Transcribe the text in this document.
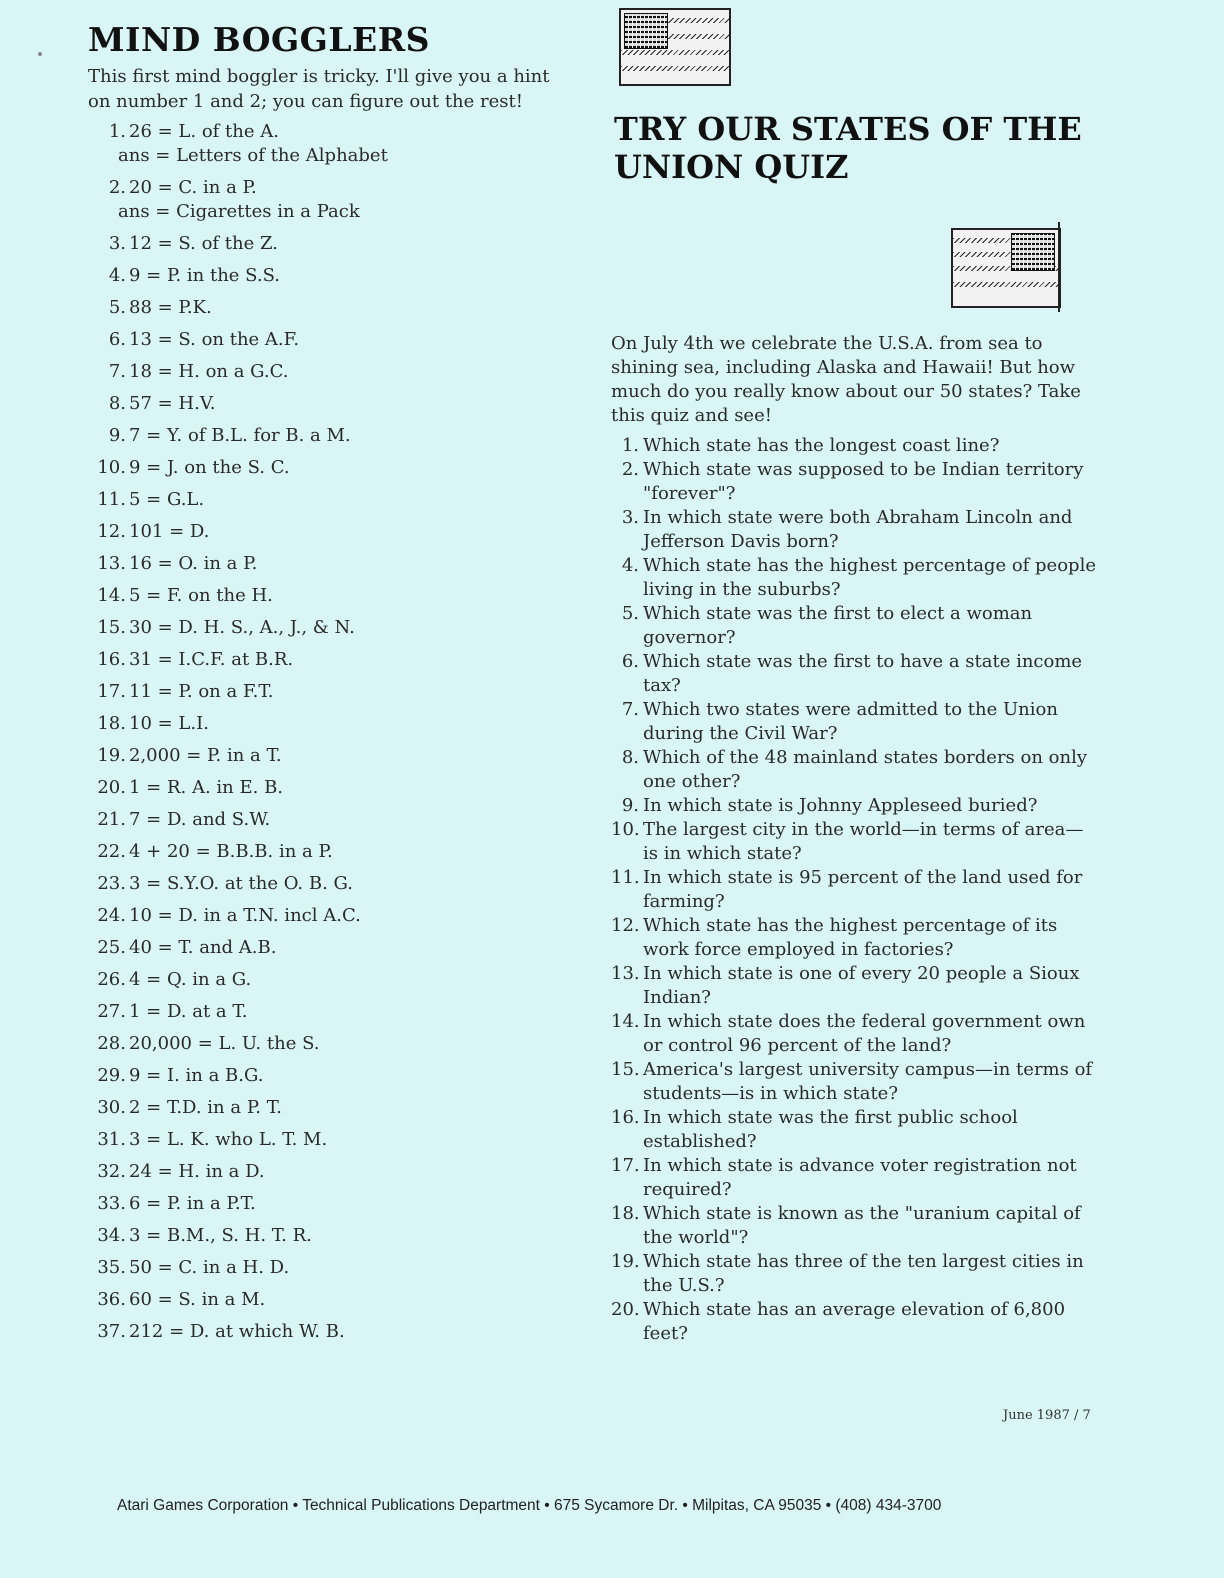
MIND BOGGLERS
This first mind boggler is tricky. I'll give you a hint on number 1 and 2; you can figure out the rest!
1. 26 = L. of the A.
ans = Letters of the Alphabet
2. 20 = C. in a P.
ans = Cigarettes in a Pack
3. 12 = S. of the Z.
4. 9 = P. in the S.S.
5. 88 = P.K.
6. 13 = S. on the A.F.
7. 18 = H. on a G.C.
8. 57 = H.V.
9. 7 = Y. of B.L. for B. a M.
10. 9 = J. on the S. C.
11. 5 = G.L.
12. 101 = D.
13. 16 = O. in a P.
14. 5 = F. on the H.
15. 30 = D. H. S., A., J., & N.
16. 31 = I.C.F. at B.R.
17. 11 = P. on a F.T.
18. 10 = L.I.
19. 2,000 = P. in a T.
20. 1 = R. A. in E. B.
21. 7 = D. and S.W.
22. 4 + 20 = B.B.B. in a P.
23. 3 = S.Y.O. at the O. B. G.
24. 10 = D. in a T.N. incl A.C.
25. 40 = T. and A.B.
26. 4 = Q. in a G.
27. 1 = D. at a T.
28. 20,000 = L. U. the S.
29. 9 = I. in a B.G.
30. 2 = T.D. in a P. T.
31. 3 = L. K. who L. T. M.
32. 24 = H. in a D.
33. 6 = P. in a P.T.
34. 3 = B.M., S. H. T. R.
35. 50 = C. in a H. D.
36. 60 = S. in a M.
37. 212 = D. at which W. B.
TRY OUR STATES OF THE UNION QUIZ
On July 4th we celebrate the U.S.A. from sea to shining sea, including Alaska and Hawaii! But how much do you really know about our 50 states? Take this quiz and see!
1. Which state has the longest coast line?
2. Which state was supposed to be Indian territory "forever"?
3. In which state were both Abraham Lincoln and Jefferson Davis born?
4. Which state has the highest percentage of people living in the suburbs?
5. Which state was the first to elect a woman governor?
6. Which state was the first to have a state income tax?
7. Which two states were admitted to the Union during the Civil War?
8. Which of the 48 mainland states borders on only one other?
9. In which state is Johnny Appleseed buried?
10. The largest city in the world—in terms of area—is in which state?
11. In which state is 95 percent of the land used for farming?
12. Which state has the highest percentage of its work force employed in factories?
13. In which state is one of every 20 people a Sioux Indian?
14. In which state does the federal government own or control 96 percent of the land?
15. America's largest university campus—in terms of students—is in which state?
16. In which state was the first public school established?
17. In which state is advance voter registration not required?
18. Which state is known as the "uranium capital of the world"?
19. Which state has three of the ten largest cities in the U.S.?
20. Which state has an average elevation of 6,800 feet?
June 1987 / 7
Atari Games Corporation • Technical Publications Department • 675 Sycamore Dr. • Milpitas, CA 95035 • (408) 434-3700
